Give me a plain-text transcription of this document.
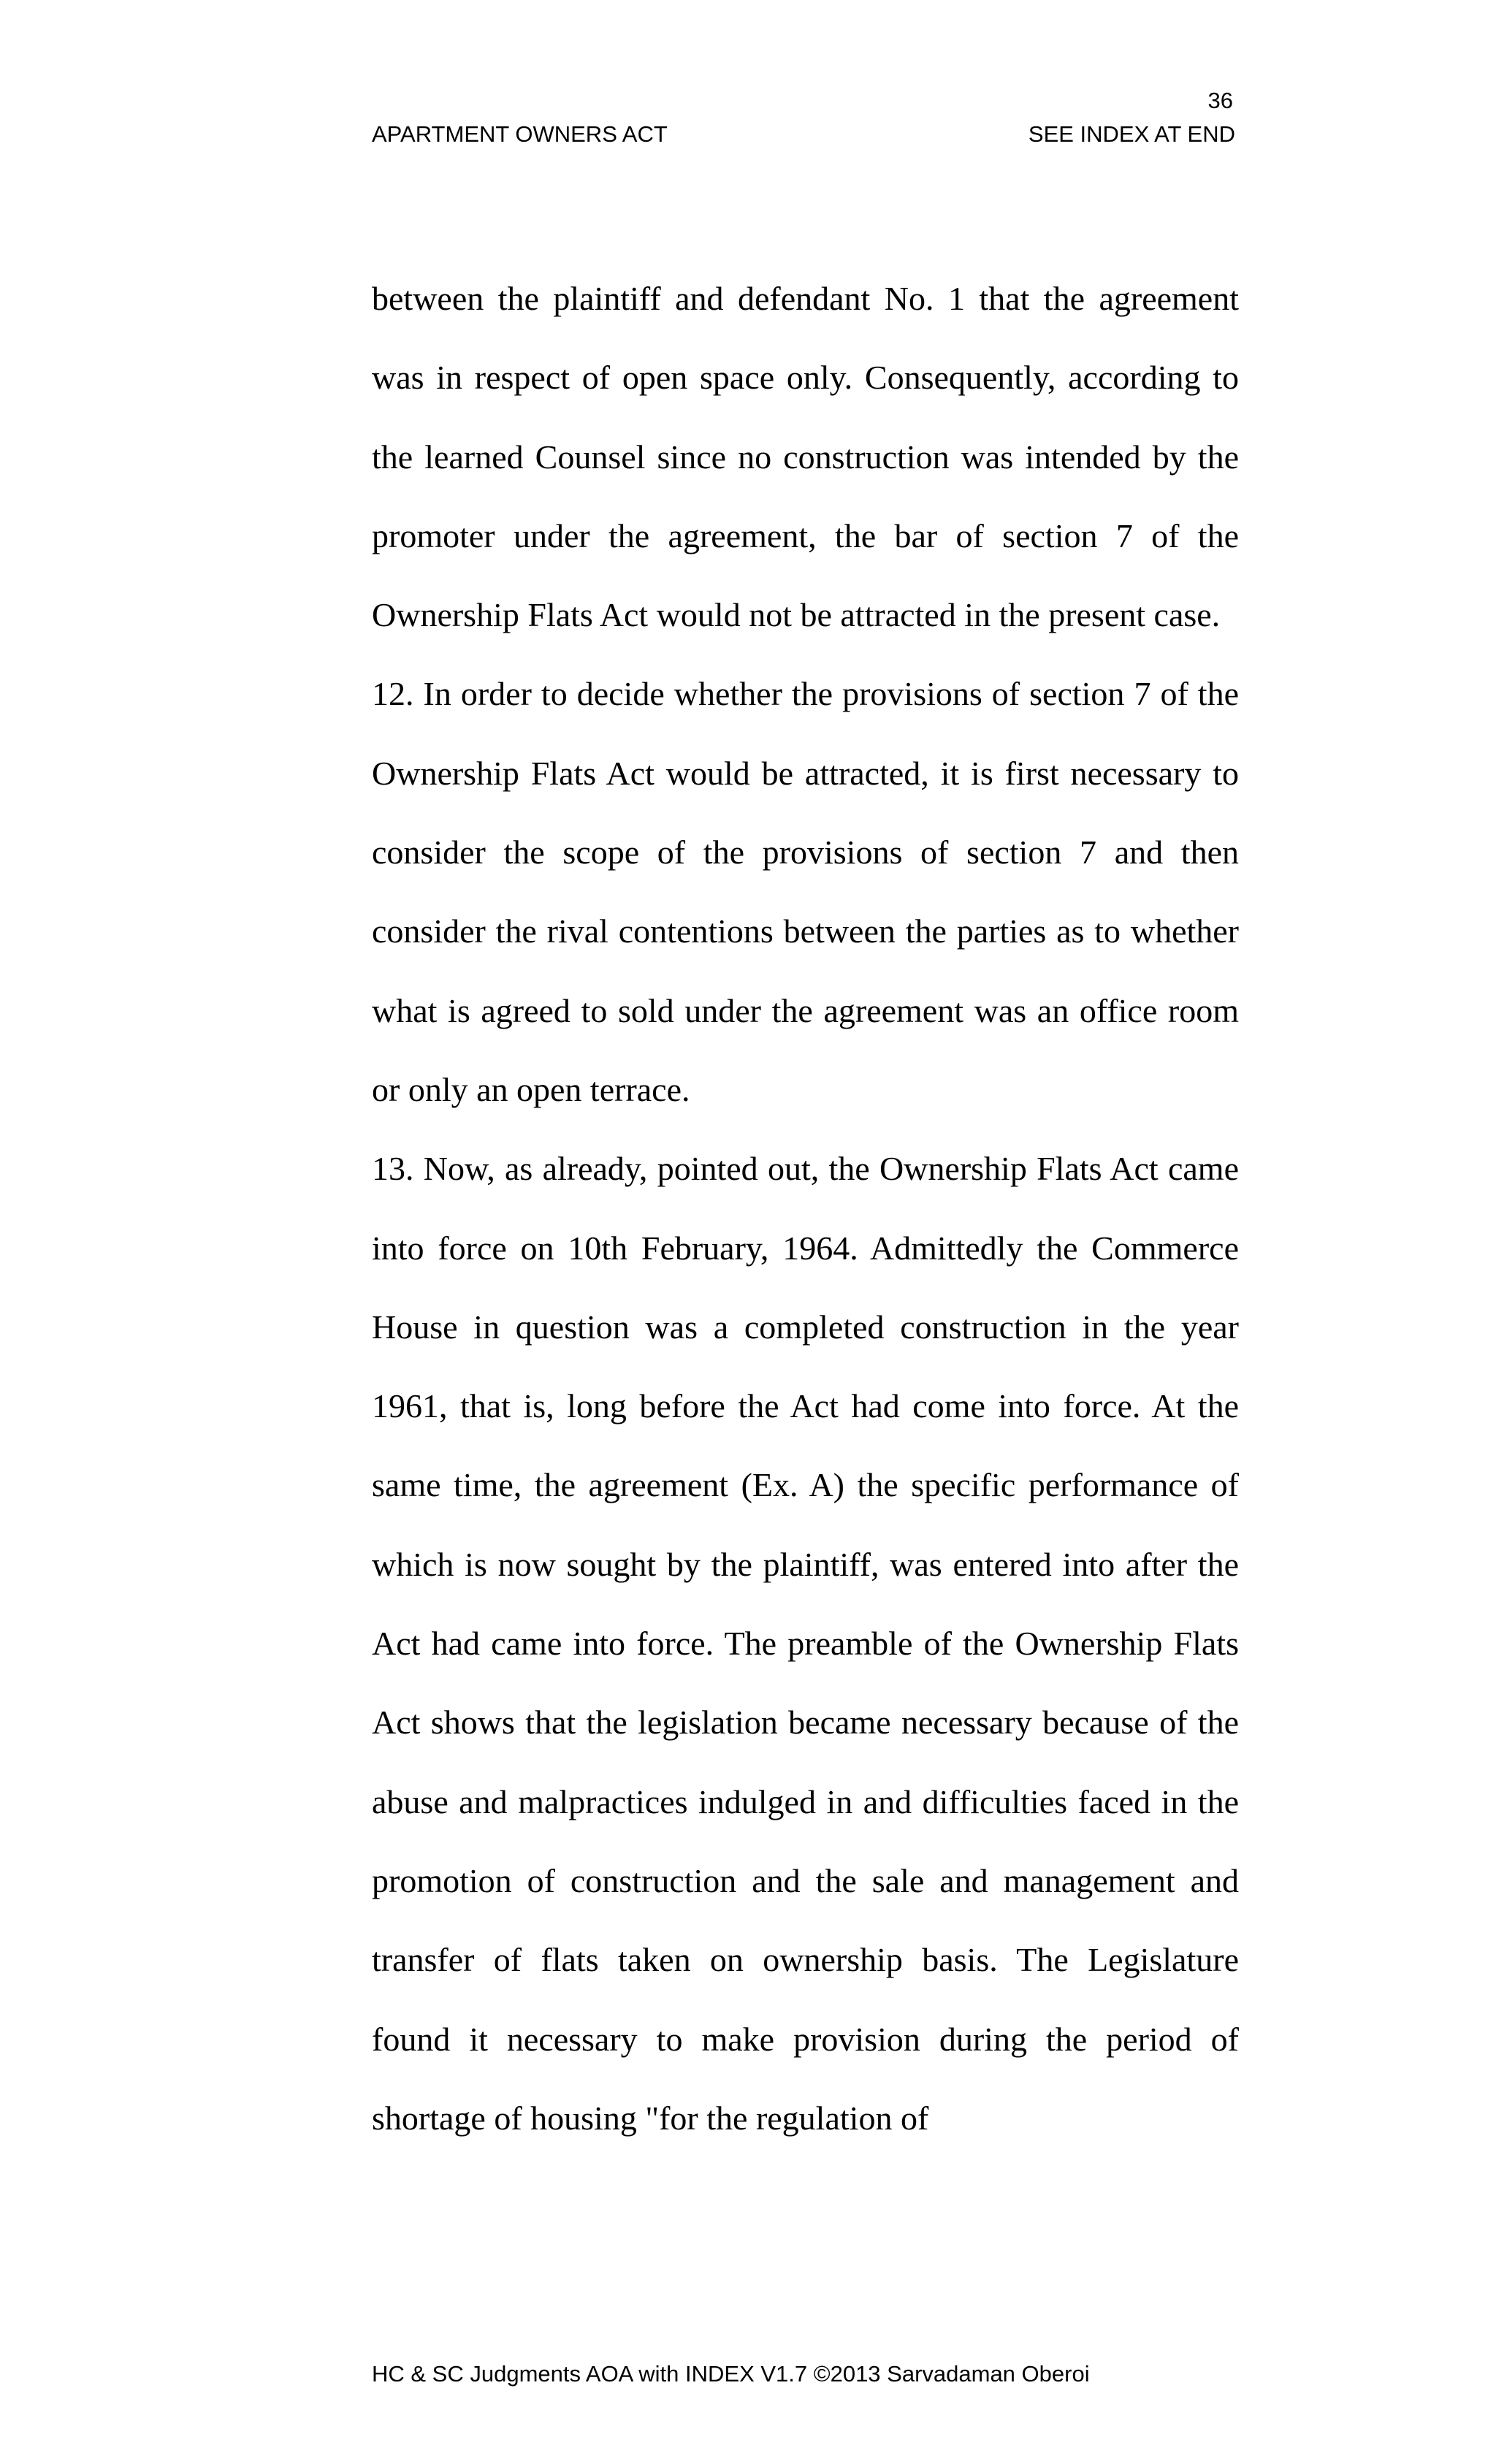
36
APARTMENT OWNERS ACT	SEE INDEX AT END

between the plaintiff and defendant No. 1 that the agreement was in respect of open space only. Consequently, according to the learned Counsel since no construction was intended by the promoter under the agreement, the bar of section 7 of the Ownership Flats Act would not be attracted in the present case.

12. In order to decide whether the provisions of section 7 of the Ownership Flats Act would be attracted, it is first necessary to consider the scope of the provisions of section 7 and then consider the rival contentions between the parties as to whether what is agreed to sold under the agreement was an office room or only an open terrace.

13. Now, as already, pointed out, the Ownership Flats Act came into force on 10th February, 1964. Admittedly the Commerce House in question was a completed construction in the year 1961, that is, long before the Act had come into force. At the same time, the agreement (Ex. A) the specific performance of which is now sought by the plaintiff, was entered into after the Act had came into force. The preamble of the Ownership Flats Act shows that the legislation became necessary because of the abuse and malpractices indulged in and difficulties faced in the promotion of construction and the sale and management and transfer of flats taken on ownership basis. The Legislature found it necessary to make provision during the period of shortage of housing "for the regulation of

HC & SC Judgments AOA with INDEX V1.7 ©2013 Sarvadaman Oberoi
